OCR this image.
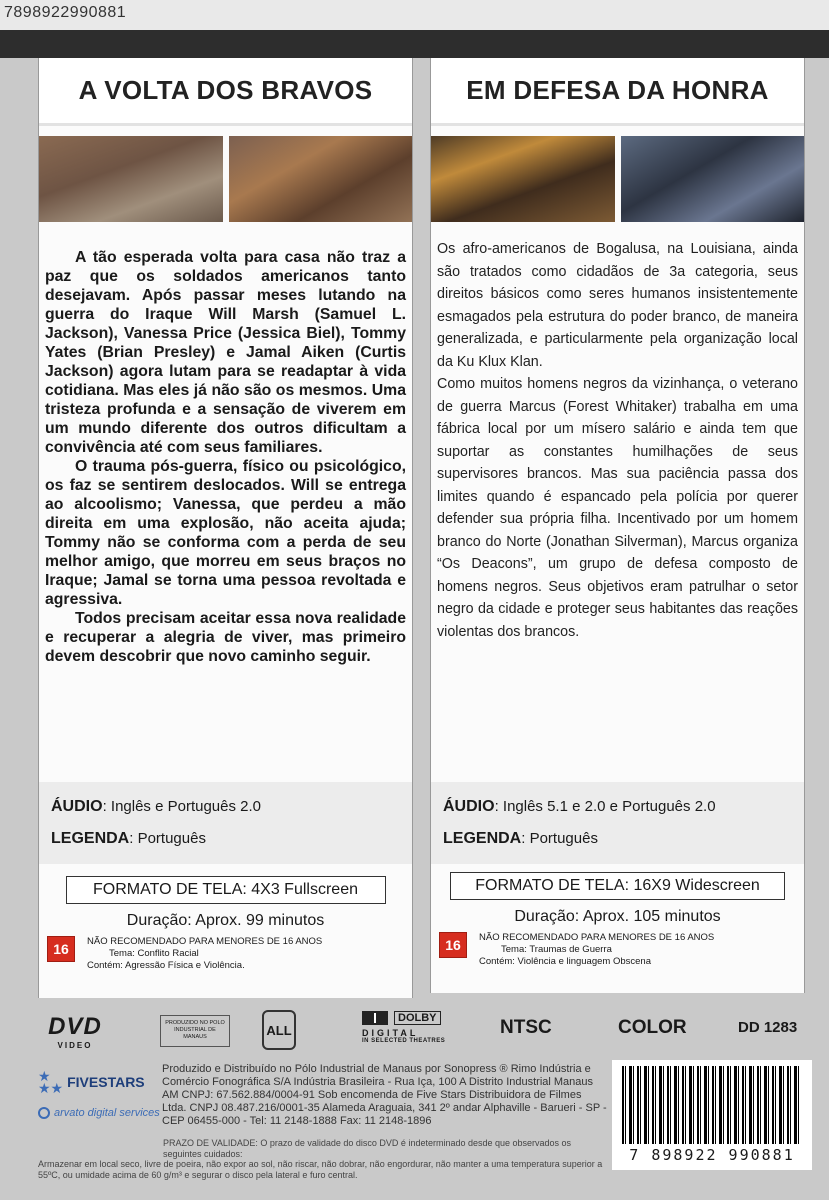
7898922990881
A VOLTA DOS BRAVOS

A tão esperada volta para casa não traz a paz que os soldados americanos tanto desejavam. Após passar meses lutando na guerra do Iraque Will Marsh (Samuel L. Jackson), Vanessa Price (Jessica Biel), Tommy Yates (Brian Presley) e Jamal Aiken (Curtis Jackson) agora lutam para se readaptar à vida cotidiana. Mas eles já não são os mesmos. Uma tristeza profunda e a sensação de viverem em um mundo diferente dos outros dificultam a convivência até com seus familiares.

O trauma pós-guerra, físico ou psicológico, os faz se sentirem deslocados. Will se entrega ao alcoolismo; Vanessa, que perdeu a mão direita em uma explosão, não aceita ajuda; Tommy não se conforma com a perda de seu melhor amigo, que morreu em seus braços no Iraque; Jamal se torna uma pessoa revoltada e agressiva.

Todos precisam aceitar essa nova realidade e recuperar a alegria de viver, mas primeiro devem descobrir que novo caminho seguir.

ÁUDIO: Inglês e Português 2.0
LEGENDA: Português
FORMATO DE TELA: 4X3 Fullscreen
Duração: Aprox. 99 minutos
16	NÃO RECOMENDADO PARA MENORES DE 16 ANOS
Tema: Conflito Racial
Contém: Agressão Física e Violência.
EM DEFESA DA HONRA

Os afro-americanos de Bogalusa, na Louisiana, ainda são tratados como cidadãos de 3a categoria, seus direitos básicos como seres humanos insistentemente esmagados pela estrutura do poder branco, de maneira generalizada, e particularmente pela organização local da Ku Klux Klan.

Como muitos homens negros da vizinhança, o veterano de guerra Marcus (Forest Whitaker) trabalha em uma fábrica local por um mísero salário e ainda tem que suportar as constantes humilhações de seus supervisores brancos. Mas sua paciência passa dos limites quando é espancado pela polícia por querer defender sua própria filha. Incentivado por um homem branco do Norte (Jonathan Silverman), Marcus organiza “Os Deacons”, um grupo de defesa composto de homens negros. Seus objetivos eram patrulhar o setor negro da cidade e proteger seus habitantes das reações violentas dos brancos.

ÁUDIO: Inglês 5.1 e 2.0 e Português 2.0
LEGENDA: Português
FORMATO DE TELA: 16X9 Widescreen
Duração: Aprox. 105 minutos
16	NÃO RECOMENDADO PARA MENORES DE 16 ANOS
Tema: Traumas de Guerra
Contém: Violência e linguagem Obscena
DVD
VIDEO
PRODUZIDO NO POLO INDUSTRIAL DE MANAUS	ALL
DOLBY
DIGITAL
IN SELECTED THEATRES
NTSC	COLOR	DD 1283
★
★★ FIVESTARS
arvato digital services
Produzido e Distribuído no Pólo Industrial de Manaus por Sonopress ® Rimo Indústria e Comércio Fonográfica S/A Indústria Brasileira - Rua Iça, 100 A Distrito Industrial Manaus AM CNPJ: 67.562.884/0004-91 Sob encomenda de Five Stars Distribuidora de Filmes Ltda. CNPJ 08.487.216/0001-35 Alameda Araguaia, 341 2º andar Alphaville - Barueri - SP - CEP 06455-000 - Tel: 11 2148-1888 Fax: 11 2148-1896
PRAZO DE VALIDADE: O prazo de validade do disco DVD é indeterminado desde que observados os seguintes cuidados:
Armazenar em local seco, livre de poeira, não expor ao sol, não riscar, não dobrar, não engordurar, não manter a uma temperatura superior a 55ºC, ou umidade acima de 60 g/m³ e segurar o disco pela lateral e furo central.
7 898922 990881
